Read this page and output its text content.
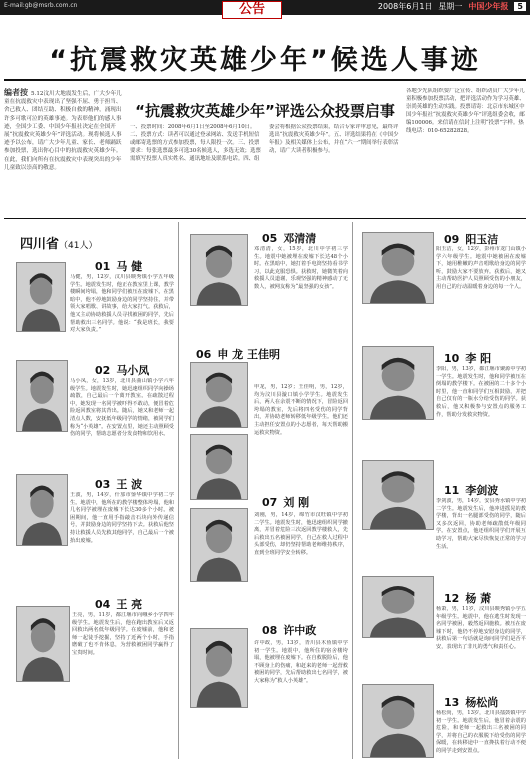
E-mail:gb@msrb.com.cn	2008年6月1日 星期一 中国少年报	5
公告
“抗震救灾英雄少年”候选人事迹
编者按 5.12汶川大地震发生后，广大少年儿童在抗震救灾中表现出了坚强不屈、勇于担当、舍己救人、团结互助、积极自救的精神，涌现出许多可歌可泣的英雄事迹。为表彰他们的感人事迹，全国少工委、中国少年报社决定在全国开展“抗震救灾英雄少年”评选活动。现将候选人事迹予以公布，请广大少年儿童、家长、老师踊跃参加投票，选出你心目中的抗震救灾英雄少年。在此，我们向所有在抗震救灾中表现突出的少年儿童致以崇高的敬意。
“抗震救灾英雄少年”评选公众投票启事
一、投票时间：2008年6月1日至2008年6月10日。二、投票方式：读者可以通过登录网站、发送手机短信或邮寄选票的方式参加投票，每人限投一次。三、投票要求：每张选票最多可选30名候选人，多选无效；选票需填写投票人真实姓名、通讯地址及联系电话。四、组委会将根据公众投票结果，结合专家评审意见，最终评选出“抗震救灾英雄少年”。五、评选结果将在《中国少年报》及相关媒体上公布，并在“六一”期间举行表彰活动，请广大读者积极参与。
各地少先队组织要广泛宣传、组织动员广大少年儿童积极参加投票活动，把评选活动作为学习英雄、崇尚英雄的生动实践。投票请寄：北京市东城区中国少年报社“抗震救灾英雄少年”评选组委会收，邮编100006。来信请在信封上注明“投票”字样。热线电话：010-65282828。
四川省（41人）
01 马 健
马健，男，12岁，汶川县映秀镇小学五年级学生。地震发生时，他正在教室里上课，教学楼瞬间垮塌，他和同学们被压在废墟下。在黑暗中，他不停地鼓励身边的同学坚持住，并带领大家唱歌、讲故事，给大家打气。获救后，他又主动协助救援人员寻找被困的同学，先后帮助救出三名同学。他说：“我是班长，我要对大家负责。”
02 马小凤
马小凤，女，13岁，北川县曲山镇小学六年级学生。地震发生时，她迅速组织同学向操场疏散，自己最后一个离开教室。在疏散过程中，她发现一名同学被吓得不敢动，便冒着危险返回教室将其背出。随后，她又和老师一起清点人数，安抚低年级同学的情绪，被同学们称为“小英雄”。在安置点里，她还主动照顾受伤的同学，帮助志愿者分发食物和饮用水。
03 王 波
王波，男，14岁，什邡市蓥华镇中学初二学生。地震中，他所在的教学楼整体垮塌，他和几名同学被埋在废墟下长达30多个小时。被困期间，他一直用手指敲击石块向外传递信号，并鼓励身边的同学坚持下去。获救后他坚持让救援人员先救其他同学，自己最后一个被抬出废墟。
04 王 亮
王亮，男，11岁，都江堰市向峨乡小学四年级学生。地震发生后，他在跑出教室后又返回救出两名低年级同学。在废墟前，他和老师一起徒手挖掘，坚持了近两个小时，手指磨破了也不肯休息，为营救被困同学赢得了宝贵时间。
05 邓清清
邓清清，女，15岁，北川中学初三学生。地震中她被埋在废墟下长达48个小时。在黑暗中，她打着手电筒坚持看书学习，以此克服恐惧。获救时，她微笑着向救援人员道谢，乐观坚强的精神感动了无数人，被网友称为“最坚强的女孩”。
06 申 龙 王佳明
申龙，男，12岁；王佳明，男，12岁，均为汶川县漩口镇小学学生。地震发生后，两人在余震不断的情况下，冒险返回垮塌的教室，先后将四名受伤的同学背出，并协助老师转移低年级学生。他们还主动担任安置点的小志愿者，每天帮助搬运救灾物资。
07 刘 刚
刘刚，男，14岁，绵竹市汉旺镇中学初二学生。地震发生时，他迅速组织同学撤离，并冒着危险三次返回教学楼救人，先后救出五名被困同学，自己在救人过程中头部受伤，却仍坚持帮助老师维持秩序，直到全班同学安全转移。
08 许中政
许中政，男，13岁，青川县木鱼镇中学初一学生。地震中，他所住的宿舍楼垮塌，他被埋在废墟下。在自救脱险后，他不顾身上的伤痛，和赶来的老师一起营救被困的同学，先后帮助救出七名同学，被大家称为“救人小英雄”。
09 阳玉洁
阳玉洁，女，12岁，彭州市龙门山镇小学六年级学生。地震中她被困在废墟下，她用稚嫩的声音唱歌给身边的同学听，鼓励大家不要放弃。获救后，她又主动帮助医护人员照顾受伤的小朋友，用自己的行动温暖着身边的每一个人。
10 李 阳
李阳，男，13岁，都江堰市聚源中学初一学生。地震发生时，他和同学被压在倒塌的教学楼下。在被困的二十多个小时里，他一直和同学们互相鼓励，并把自己仅有的一瓶水分给受伤的同学。获救后，他又积极参与安置点的服务工作，帮助分发救灾物资。
11 李剑波
李剑波，男，14岁，安县秀水镇中学初二学生。地震发生后，他冲进摇晃的教学楼，背出一名腿部受伤的同学，随后又多次返回，协助老师疏散低年级同学。在安置点，他还组织同学们开展互助学习，帮助大家尽快恢复正常的学习生活。
12 杨 萧
杨萧，男，11岁，汶川县映秀镇小学五年级学生。地震中，他在逃生时发现一名同学被困，毅然返回施救。被压在废墟下时，他仍不停地安慰身边的同学，获救后第一句话就是询问同学们是否平安，表现出了非凡的勇气和责任心。
13 杨松尚
杨松尚，男，13岁，北川县擂鼓镇中学初一学生。地震发生后，他冒着余震的危险，和老师一起救出三名被困的同学，并将自己的衣服脱下给受伤的同学保暖，在转移途中一直搀扶着行动不便的同学走到安置点。
